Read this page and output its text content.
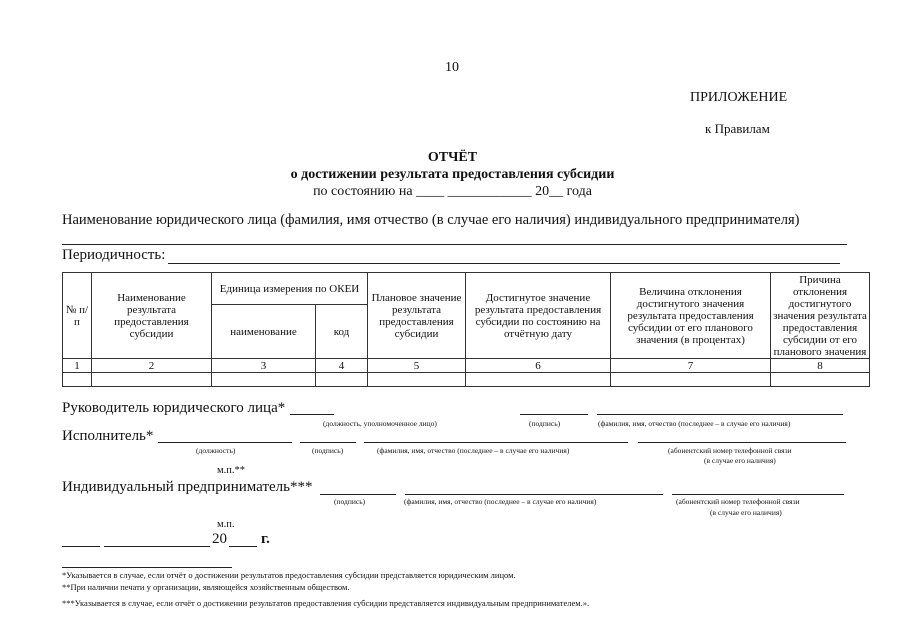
10
ПРИЛОЖЕНИЕ
к Правилам
ОТЧЁТ
о достижении результата предоставления субсидии
по состоянию на ____ ____________ 20__ года
Наименование юридического лица (фамилия, имя отчество (в случае его наличия) индивидуального предпринимателя)
Периодичность:
№ п/п	Наименование результата предоставления субсидии	Единица измерения по ОКЕИ		Плановое значение результата предоставления субсидии	Достигнутое значение результата предоставления субсидии по состоянию на отчётную дату	Величина отклонения достигнутого значения результата предоставления субсидии от его планового значения (в процентах)	Причина отклонения достигнутого значения результата предоставления субсидии от его планового значения
		наименование	код				
1	2	3	4	5	6	7	8

Руководитель юридического лица*
(должность, уполномоченное лицо)	(подпись)	(фамилия, имя, отчество (последнее – в случае его наличия)
Исполнитель*
(должность)	(подпись)	(фамилия, имя, отчество (последнее – в случае его наличия)	(абонентский номер телефонной связи
(в случае его наличия)
м.п.**
Индивидуальный предприниматель***
(подпись)	(фамилия, имя, отчество (последнее – в случае его наличия)	(абонентский номер телефонной связи
(в случае его наличия)
м.п.
20 г.
*Указывается в случае, если отчёт о достижении результатов предоставления субсидии представляется юридическим лицом.
**При наличии печати у организации, являющейся хозяйственным обществом.
***Указывается в случае, если отчёт о достижении результатов предоставления субсидии представляется индивидуальным предпринимателем.».
